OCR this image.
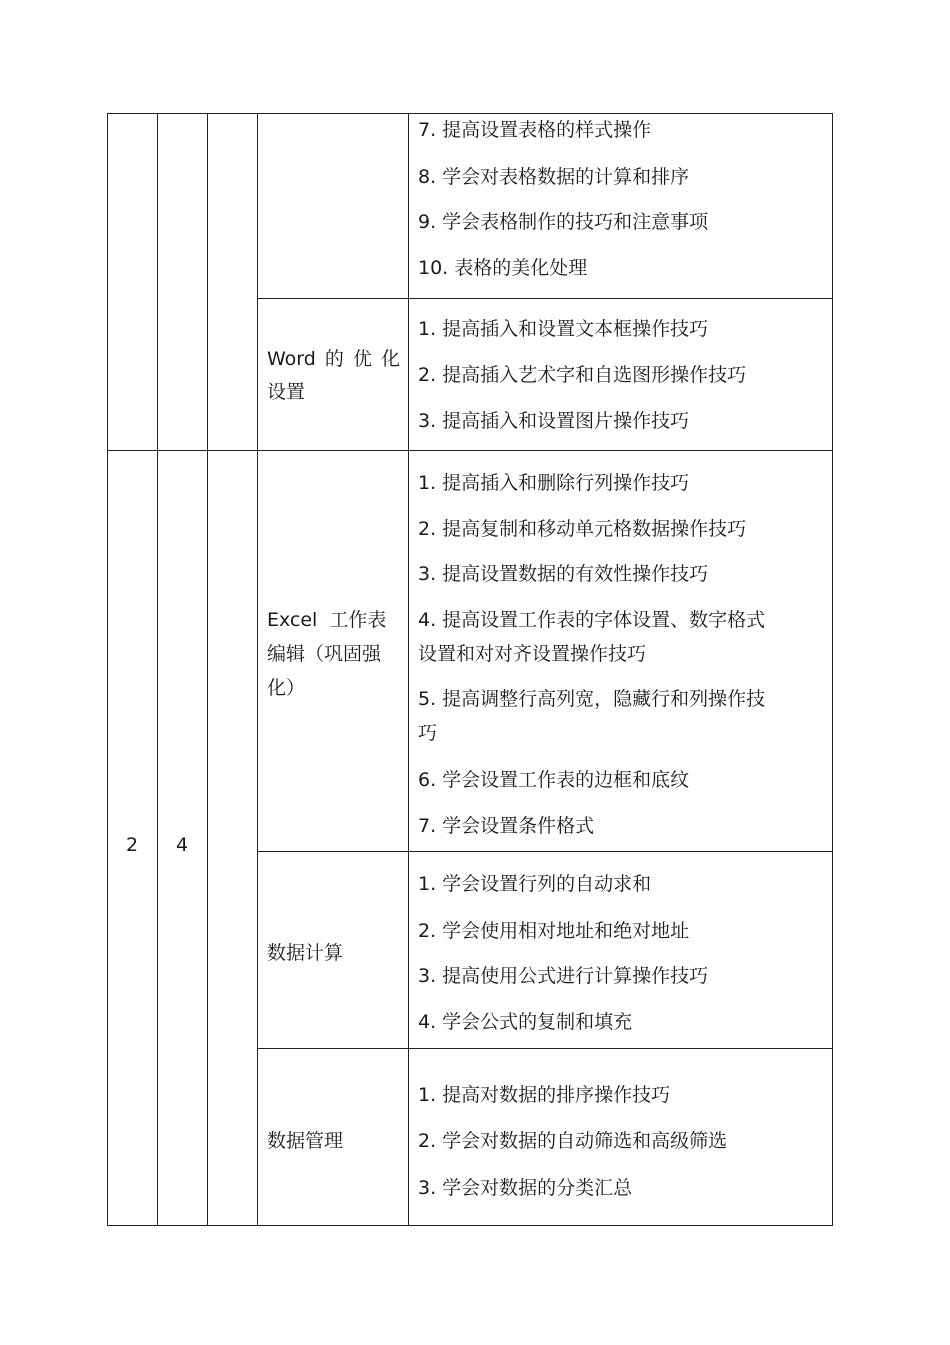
7. 提高设置表格的样式操作
8. 学会对表格数据的计算和排序
9. 学会表格制作的技巧和注意事项
10. 表格的美化处理
Word 的 优 化
设置
1. 提高插入和设置文本框操作技巧
2. 提高插入艺术字和自选图形操作技巧
3. 提高插入和设置图片操作技巧
2	4
Excel  工作表
编辑（巩固强
化）
1. 提高插入和删除行列操作技巧
2. 提高复制和移动单元格数据操作技巧
3. 提高设置数据的有效性操作技巧
4. 提高设置工作表的字体设置、数字格式
设置和对对齐设置操作技巧
5. 提高调整行高列宽，隐藏行和列操作技
巧
6. 学会设置工作表的边框和底纹
7. 学会设置条件格式
数据计算
1. 学会设置行列的自动求和
2. 学会使用相对地址和绝对地址
3. 提高使用公式进行计算操作技巧
4. 学会公式的复制和填充
数据管理
1. 提高对数据的排序操作技巧
2. 学会对数据的自动筛选和高级筛选
3. 学会对数据的分类汇总
